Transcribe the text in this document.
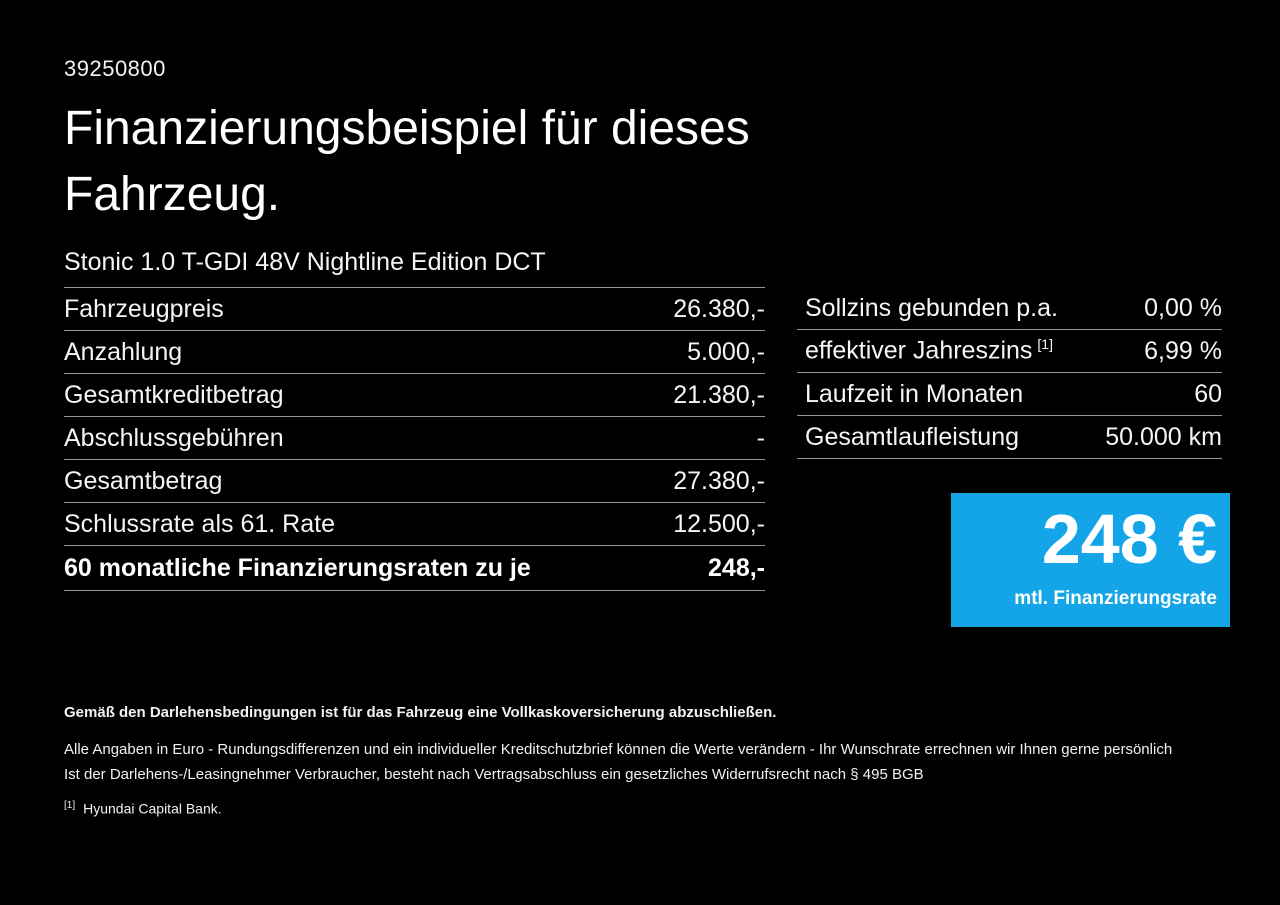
39250800
Finanzierungsbeispiel für dieses
Fahrzeug.
Stonic 1.0 T-GDI 48V Nightline Edition DCT
Fahrzeugpreis	26.380,-
Anzahlung	5.000,-
Gesamtkreditbetrag	21.380,-
Abschlussgebühren	-
Gesamtbetrag	27.380,-
Schlussrate als 61. Rate	12.500,-
60 monatliche Finanzierungsraten zu je	248,-
Sollzins gebunden p.a.	0,00 %
effektiver Jahreszins [1]	6,99 %
Laufzeit in Monaten	60
Gesamtlaufleistung	50.000 km
248 €
mtl. Finanzierungsrate
Gemäß den Darlehensbedingungen ist für das Fahrzeug eine Vollkaskoversicherung abzuschließen.
Alle Angaben in Euro - Rundungsdifferenzen und ein individueller Kreditschutzbrief können die Werte verändern - Ihr Wunschrate errechnen wir Ihnen gerne persönlich
Ist der Darlehens-/Leasingnehmer Verbraucher, besteht nach Vertragsabschluss ein gesetzliches Widerrufsrecht nach § 495 BGB
[1] Hyundai Capital Bank.
